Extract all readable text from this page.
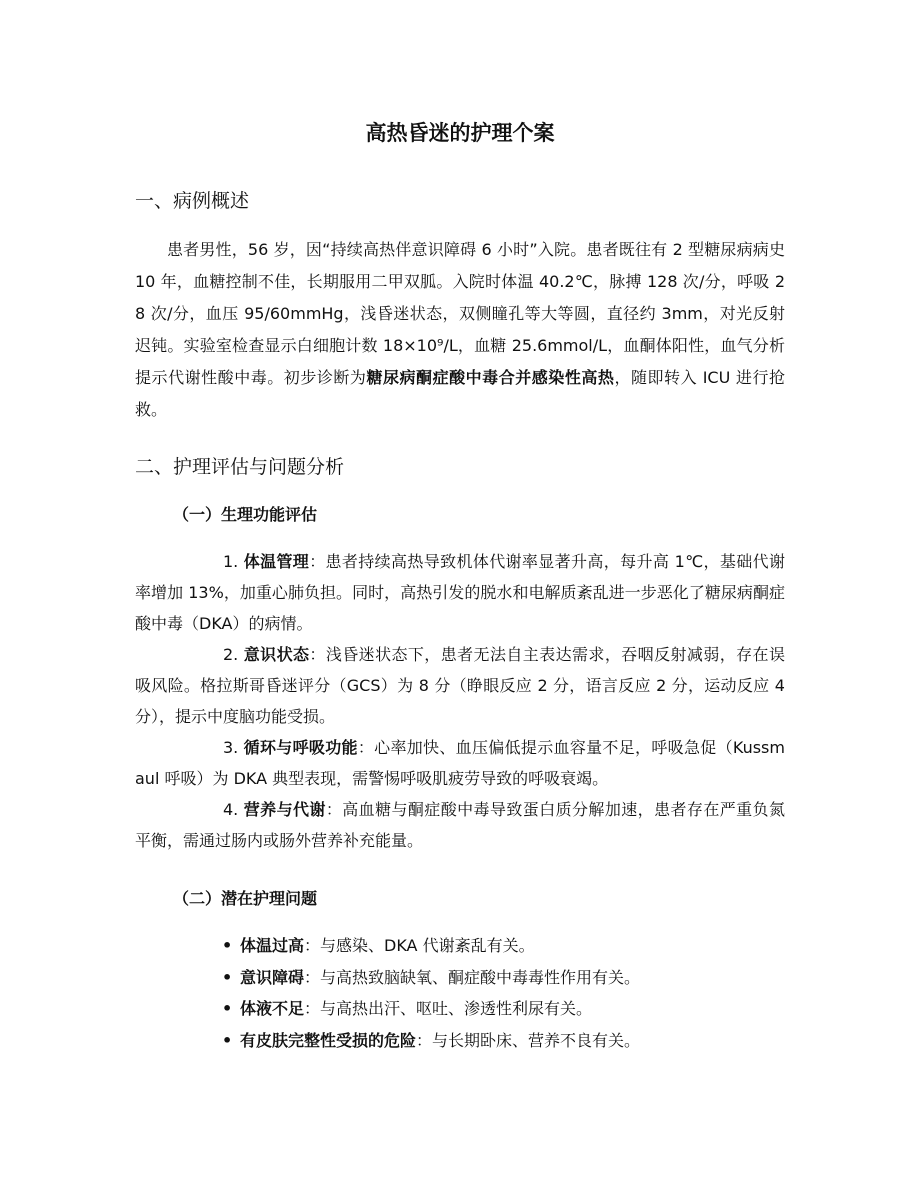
高热昏迷的护理个案
一、病例概述

患者男性，56 岁，因“持续高热伴意识障碍 6 小时”入院。患者既往有 2 型糖尿病病史 10 年，血糖控制不佳，长期服用二甲双胍。入院时体温 40.2℃，脉搏 128 次/分，呼吸 28 次/分，血压 95/60mmHg，浅昏迷状态，双侧瞳孔等大等圆，直径约 3mm，对光反射迟钝。实验室检查显示白细胞计数 18×10⁹/L，血糖 25.6mmol/L，血酮体阳性，血气分析提示代谢性酸中毒。初步诊断为糖尿病酮症酸中毒合并感染性高热，随即转入 ICU 进行抢救。

二、护理评估与问题分析
（一）生理功能评估

1. 体温管理：患者持续高热导致机体代谢率显著升高，每升高 1℃，基础代谢率增加 13%，加重心肺负担。同时，高热引发的脱水和电解质紊乱进一步恶化了糖尿病酮症酸中毒（DKA）的病情。

2. 意识状态：浅昏迷状态下，患者无法自主表达需求，吞咽反射减弱，存在误吸风险。格拉斯哥昏迷评分（GCS）为 8 分（睁眼反应 2 分，语言反应 2 分，运动反应 4 分），提示中度脑功能受损。

3. 循环与呼吸功能：心率加快、血压偏低提示血容量不足，呼吸急促（Kussmaul 呼吸）为 DKA 典型表现，需警惕呼吸肌疲劳导致的呼吸衰竭。

4. 营养与代谢：高血糖与酮症酸中毒导致蛋白质分解加速，患者存在严重负氮平衡，需通过肠内或肠外营养补充能量。

（二）潜在护理问题
• 体温过高：与感染、DKA 代谢紊乱有关。
• 意识障碍：与高热致脑缺氧、酮症酸中毒毒性作用有关。
• 体液不足：与高热出汗、呕吐、渗透性利尿有关。
• 有皮肤完整性受损的危险：与长期卧床、营养不良有关。
